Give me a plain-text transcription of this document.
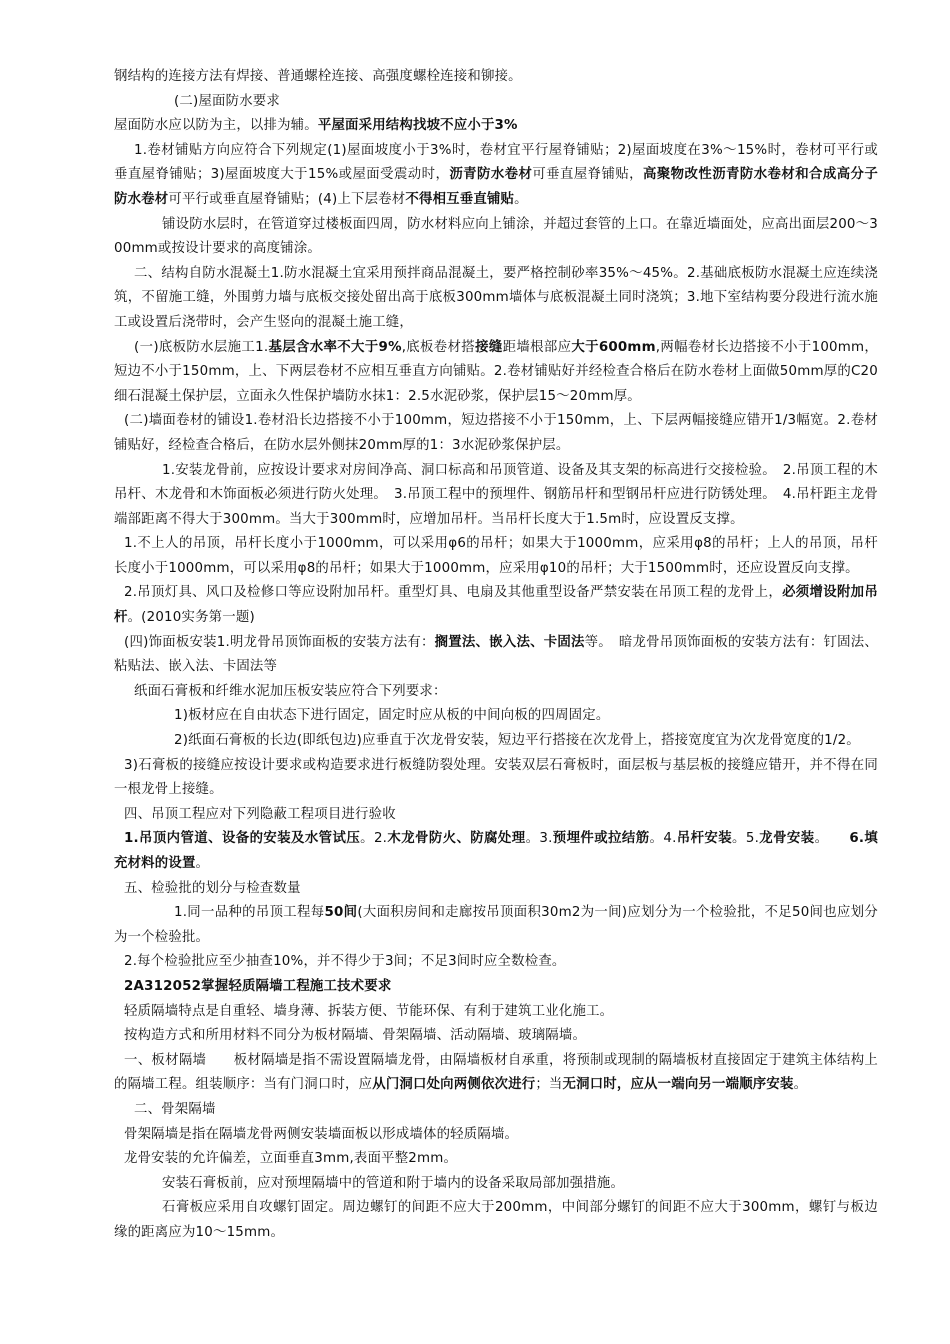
钢结构的连接方法有焊接、普通螺栓连接、高强度螺栓连接和铆接。

(二)屋面防水要求

屋面防水应以防为主，以排为辅。平屋面采用结构找坡不应小于3%

1.卷材铺贴方向应符合下列规定(1)屋面坡度小于3%时，卷材宜平行屋脊铺贴；2)屋面坡度在3%～15%时，卷材可平行或垂直屋脊铺贴；3)屋面坡度大于15%或屋面受震动时，沥青防水卷材可垂直屋脊铺贴，高聚物改性沥青防水卷材和合成高分子防水卷材可平行或垂直屋脊铺贴；(4)上下层卷材不得相互垂直铺贴。

铺设防水层时，在管道穿过楼板面四周，防水材料应向上铺涂，并超过套管的上口。在靠近墙面处，应高出面层200～300mm或按设计要求的高度铺涂。

二、结构自防水混凝土1.防水混凝土宜采用预拌商品混凝土，要严格控制砂率35%～45%。2.基础底板防水混凝土应连续浇筑，不留施工缝，外围剪力墙与底板交接处留出高于底板300mm墙体与底板混凝土同时浇筑；3.地下室结构要分段进行流水施工或设置后浇带时，会产生竖向的混凝土施工缝，

(一)底板防水层施工1.基层含水率不大于9%,底板卷材搭接缝距墙根部应大于600mm,两幅卷材长边搭接不小于100mm，短边不小于150mm，上、下两层卷材不应相互垂直方向铺贴。2.卷材铺贴好并经检查合格后在防水卷材上面做50mm厚的C20细石混凝土保护层，立面永久性保护墙防水抹1：2.5水泥砂浆，保护层15～20mm厚。

(二)墙面卷材的铺设1.卷材沿长边搭接不小于100mm，短边搭接不小于150mm，上、下层两幅接缝应错开1/3幅宽。2.卷材铺贴好，经检查合格后，在防水层外侧抹20mm厚的1：3水泥砂浆保护层。

1.安装龙骨前，应按设计要求对房间净高、洞口标高和吊顶管道、设备及其支架的标高进行交接检验。　2.吊顶工程的木吊杆、木龙骨和木饰面板必须进行防火处理。　3.吊顶工程中的预埋件、钢筋吊杆和型钢吊杆应进行防锈处理。　4.吊杆距主龙骨端部距离不得大于300mm。当大于300mm时，应增加吊杆。当吊杆长度大于1.5m时，应设置反支撑。

1.不上人的吊顶，吊杆长度小于1000mm，可以采用φ6的吊杆；如果大于1000mm，应采用φ8的吊杆；上人的吊顶，吊杆长度小于1000mm，可以采用φ8的吊杆；如果大于1000mm，应采用φ10的吊杆；大于1500mm时，还应设置反向支撑。

2.吊顶灯具、风口及检修口等应设附加吊杆。重型灯具、电扇及其他重型设备严禁安装在吊顶工程的龙骨上，必须增设附加吊杆。(2010实务第一题)

(四)饰面板安装1.明龙骨吊顶饰面板的安装方法有：搁置法、嵌入法、卡固法等。　暗龙骨吊顶饰面板的安装方法有：钉固法、粘贴法、嵌入法、卡固法等

纸面石膏板和纤维水泥加压板安装应符合下列要求：

1)板材应在自由状态下进行固定，固定时应从板的中间向板的四周固定。

2)纸面石膏板的长边(即纸包边)应垂直于次龙骨安装，短边平行搭接在次龙骨上，搭接宽度宜为次龙骨宽度的1/2。

3)石膏板的接缝应按设计要求或构造要求进行板缝防裂处理。安装双层石膏板时，面层板与基层板的接缝应错开，并不得在同一根龙骨上接缝。

四、吊顶工程应对下列隐蔽工程项目进行验收

1.吊顶内管道、设备的安装及水管试压。2.木龙骨防火、防腐处理。3.预埋件或拉结筋。4.吊杆安装。5.龙骨安装。　　6.填充材料的设置。

五、检验批的划分与检查数量

1.同一品种的吊顶工程每50间(大面积房间和走廊按吊顶面积30m2为一间)应划分为一个检验批，不足50间也应划分为一个检验批。

2.每个检验批应至少抽查10%，并不得少于3间；不足3间时应全数检查。

2A312052掌握轻质隔墙工程施工技术要求

轻质隔墙特点是自重轻、墙身薄、拆装方便、节能环保、有利于建筑工业化施工。

按构造方式和所用材料不同分为板材隔墙、骨架隔墙、活动隔墙、玻璃隔墙。

一、板材隔墙　　板材隔墙是指不需设置隔墙龙骨，由隔墙板材自承重，将预制或现制的隔墙板材直接固定于建筑主体结构上的隔墙工程。组装顺序：当有门洞口时，应从门洞口处向两侧依次进行；当无洞口时，应从一端向另一端顺序安装。

二、骨架隔墙

骨架隔墙是指在隔墙龙骨两侧安装墙面板以形成墙体的轻质隔墙。

龙骨安装的允许偏差，立面垂直3mm,表面平整2mm。

安装石膏板前，应对预埋隔墙中的管道和附于墙内的设备采取局部加强措施。

石膏板应采用自攻螺钉固定。周边螺钉的间距不应大于200mm，中间部分螺钉的间距不应大于300mm，螺钉与板边缘的距离应为10～15mm。
